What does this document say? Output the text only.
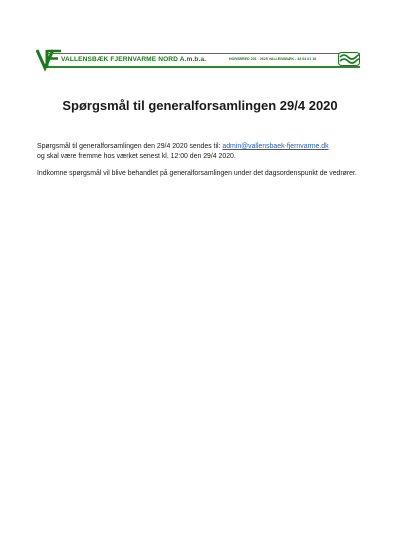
VALLENSBÆK FJERNVARME NORD A.m.b.a.	HORSBRED 201 - 2625 VALLENSBÆK - 43 64 61 18
Spørgsmål til generalforsamlingen 29/4 2020

Spørgsmål til generalforsamlingen den 29/4 2020 sendes til: admin@vallensbaek-fjernvarme.dk
og skal være fremme hos værket senest kl. 12:00 den 29/4 2020.

Indkomne spørgsmål vil blive behandlet på generalforsamlingen under det dagsordenspunkt de vedrører.
